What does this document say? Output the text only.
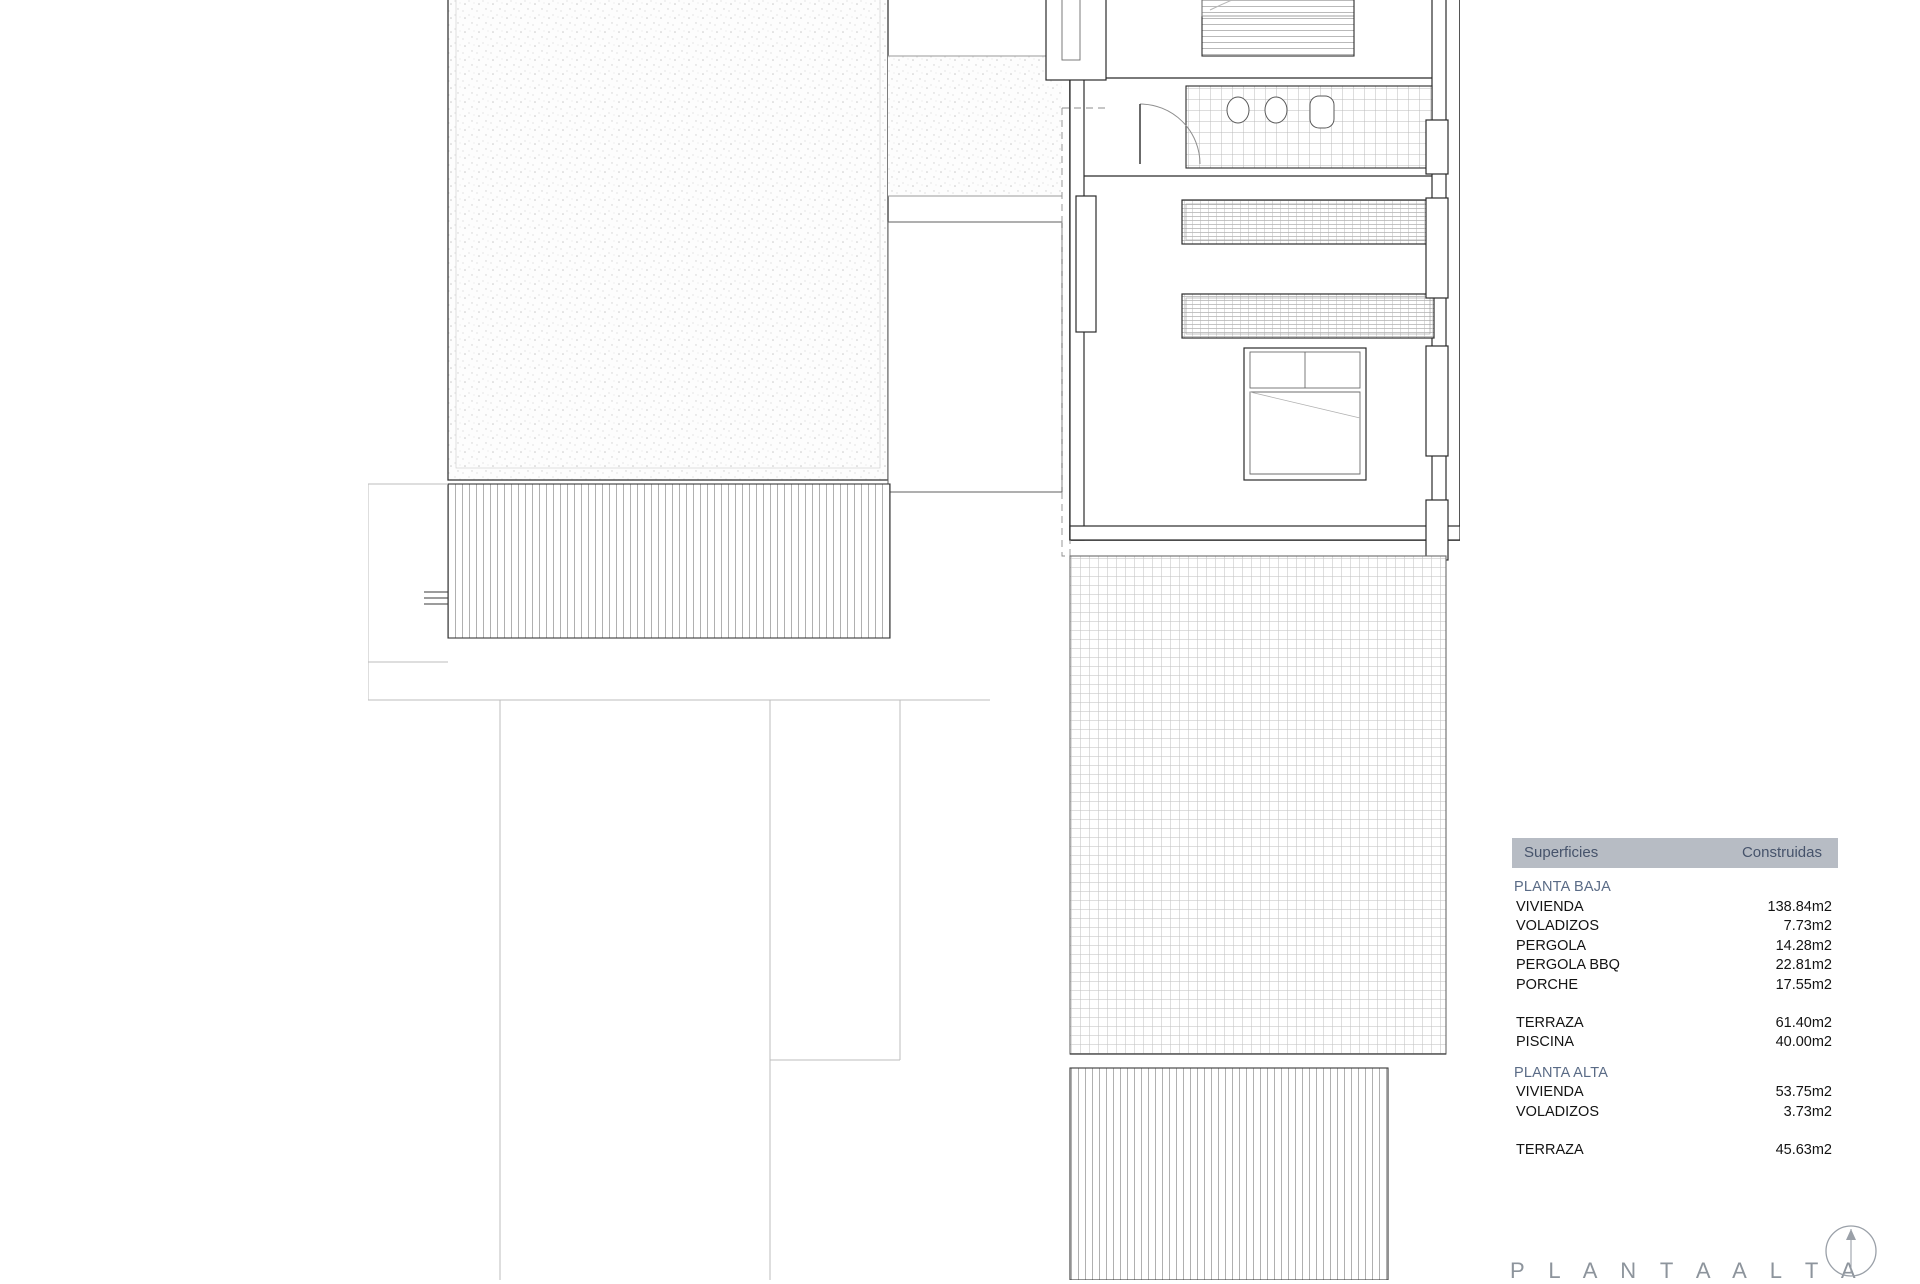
Superficies	Construidas
PLANTA BAJA
VIVIENDA	138.84m2
VOLADIZOS	7.73m2
PERGOLA	14.28m2
PERGOLA BBQ	22.81m2
PORCHE	17.55m2
TERRAZA	61.40m2
PISCINA	40.00m2
PLANTA ALTA
VIVIENDA	53.75m2
VOLADIZOS	3.73m2
TERRAZA	45.63m2
P L A N T A A L T A
